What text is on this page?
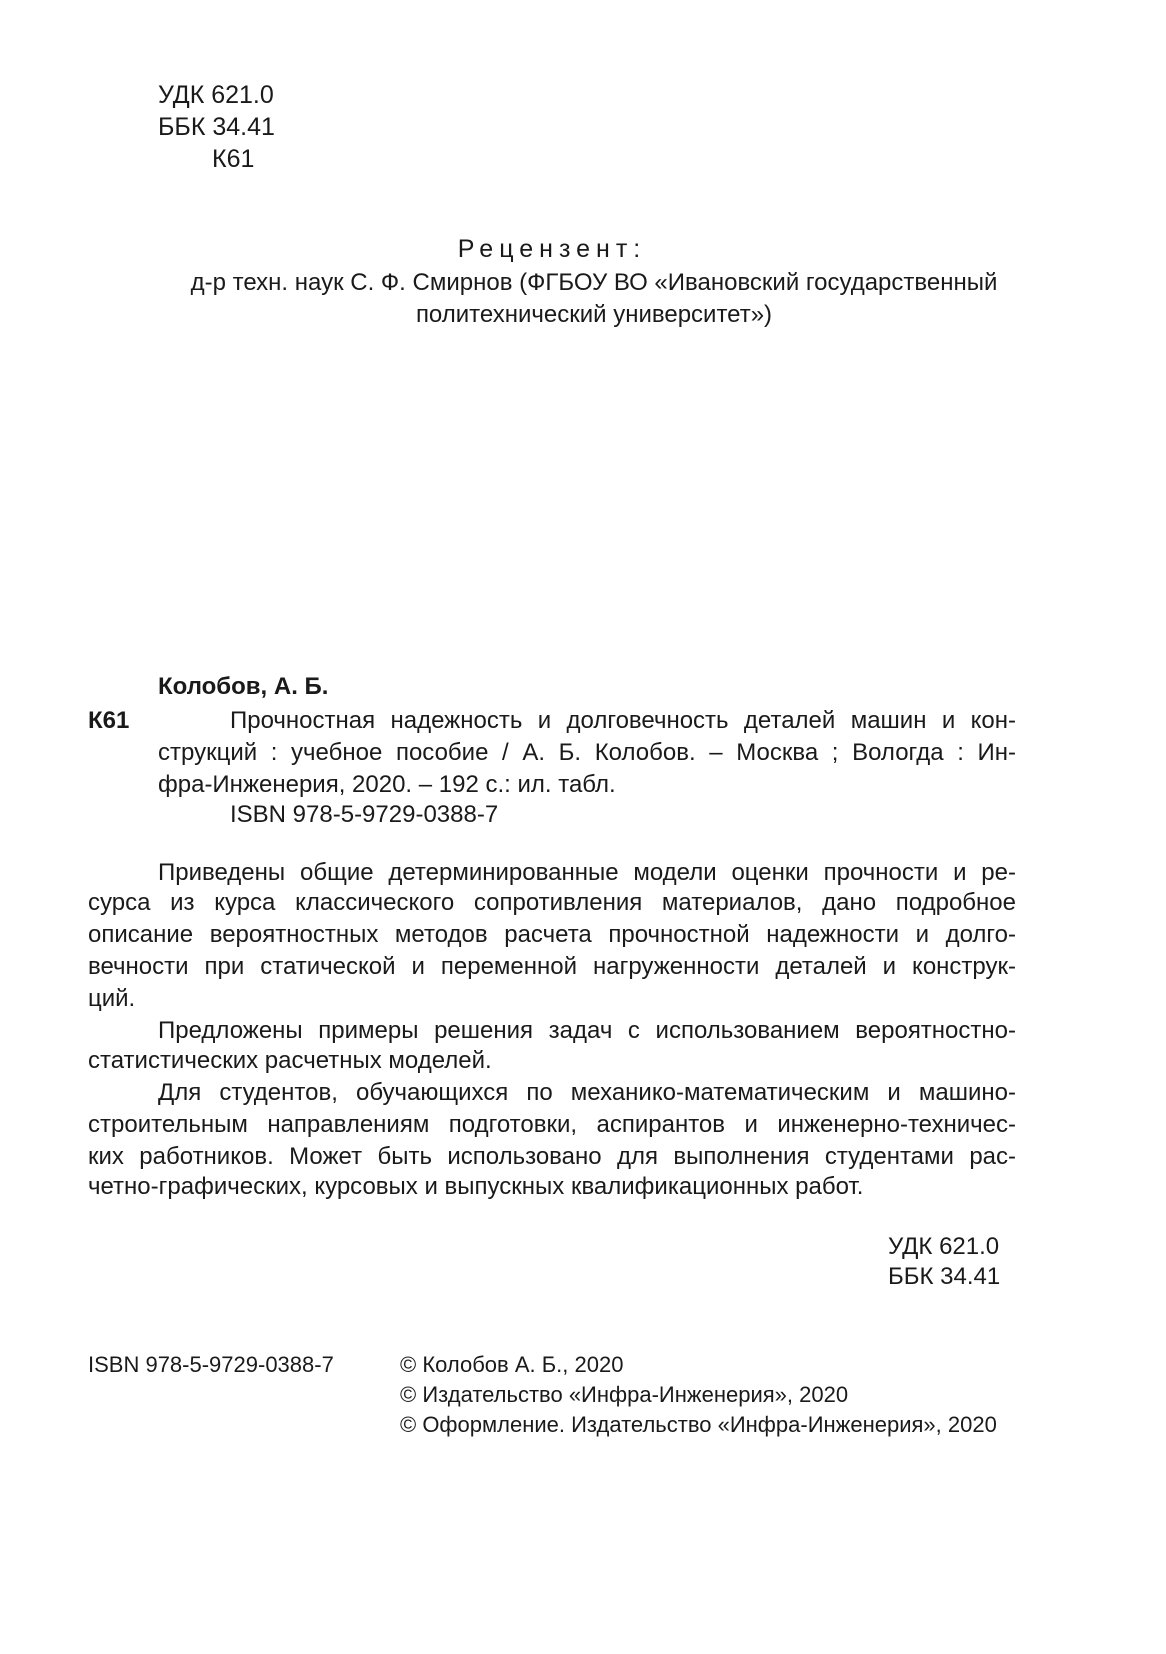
УДК 621.0
ББК 34.41
К61
Рецензент:
д-р техн. наук С. Ф. Смирнов (ФГБОУ ВО «Ивановский государственный
политехнический университет»)
Колобов, А. Б.
К61	Прочностная надежность и долговечность деталей машин и кон-
струкций : учебное пособие / А. Б. Колобов. – Москва ; Вологда : Ин-
фра-Инженерия, 2020. – 192 с.: ил. табл.
ISBN 978-5-9729-0388-7
Приведены общие детерминированные модели оценки прочности и ре-
сурса из курса классического сопротивления материалов, дано подробное
описание вероятностных методов расчета прочностной надежности и долго-
вечности при статической и переменной нагруженности деталей и конструк-
ций.
Предложены примеры решения задач с использованием вероятностно-
статистических расчетных моделей.
Для студентов, обучающихся по механико-математическим и машино-
строительным направлениям подготовки, аспирантов и инженерно-техничес-
ких работников. Может быть использовано для выполнения студентами рас-
четно-графических, курсовых и выпускных квалификационных работ.
УДК 621.0
ББК 34.41
ISBN 978-5-9729-0388-7	© Колобов А. Б., 2020
© Издательство «Инфра-Инженерия», 2020
© Оформление. Издательство «Инфра-Инженерия», 2020
